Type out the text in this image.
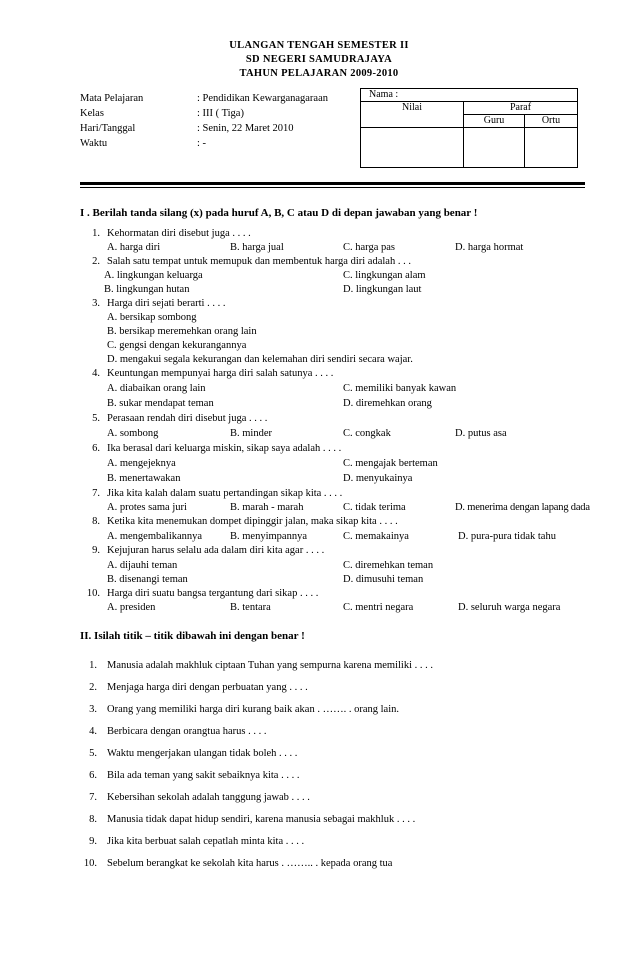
ULANGAN TENGAH SEMESTER II
SD NEGERI SAMUDRAJAYA
TAHUN PELAJARAN 2009-2010
Mata Pelajaran	: Pendidikan Kewarganagaraan
Kelas	: III ( Tiga)
Hari/Tanggal	: Senin, 22 Maret 2010
Waktu	: -
Nama :		
Nilai	Paraf	
	Guru	Ortu

I . Berilah tanda silang (x) pada huruf A, B, C atau D di depan jawaban yang benar !
1. Kehormatan diri disebut juga . . . .
A. harga diri	B. harga jual	C. harga pas	D. harga hormat
2. Salah satu tempat untuk memupuk dan membentuk harga diri adalah . . .
A. lingkungan keluarga	C. lingkungan alam
B. lingkungan hutan	D. lingkungan laut
3. Harga diri sejati berarti . . . .
A. bersikap sombong
B. bersikap meremehkan orang lain
C. gengsi dengan kekurangannya
D. mengakui segala kekurangan dan kelemahan diri sendiri secara wajar.
4. Keuntungan mempunyai harga diri salah satunya . . . .
A. diabaikan orang lain	C. memiliki banyak kawan
B. sukar mendapat teman	D. diremehkan orang
5. Perasaan rendah diri disebut juga . . . .
A. sombong	B. minder	C. congkak	D. putus asa
6. Ika berasal dari keluarga miskin, sikap saya adalah . . . .
A. mengejeknya	C. mengajak berteman
B. menertawakan	D. menyukainya
7. Jika kita kalah dalam suatu pertandingan sikap kita . . . .
A. protes sama juri	B. marah - marah	C. tidak terima	D. menerima dengan lapang dada
8. Ketika kita menemukan dompet dipinggir jalan, maka sikap kita . . . .
A. mengembalikannya	B. menyimpannya	C. memakainya	D. pura-pura tidak tahu
9. Kejujuran harus selalu ada dalam diri kita agar . . . .
A. dijauhi teman	C. diremehkan teman
B. disenangi teman	D. dimusuhi teman
10. Harga diri suatu bangsa tergantung dari sikap . . . .
A. presiden	B. tentara	C. mentri negara	D. seluruh warga negara
II. Isilah titik – titik dibawah ini dengan benar !
1. Manusia adalah makhluk ciptaan Tuhan yang sempurna karena memiliki . . . .
2. Menjaga harga diri dengan perbuatan yang . . . .
3. Orang yang memiliki harga diri kurang baik akan . ……. . orang lain.
4. Berbicara dengan orangtua harus . . . .
5. Waktu mengerjakan ulangan tidak boleh . . . .
6. Bila ada teman yang sakit sebaiknya kita . . . .
7. Kebersihan sekolah adalah tanggung jawab . . . .
8. Manusia tidak dapat hidup sendiri, karena manusia sebagai makhluk . . . .
9. Jika kita berbuat salah cepatlah minta kita . . . .
10. Sebelum berangkat ke sekolah kita harus . …….. . kepada orang tua
